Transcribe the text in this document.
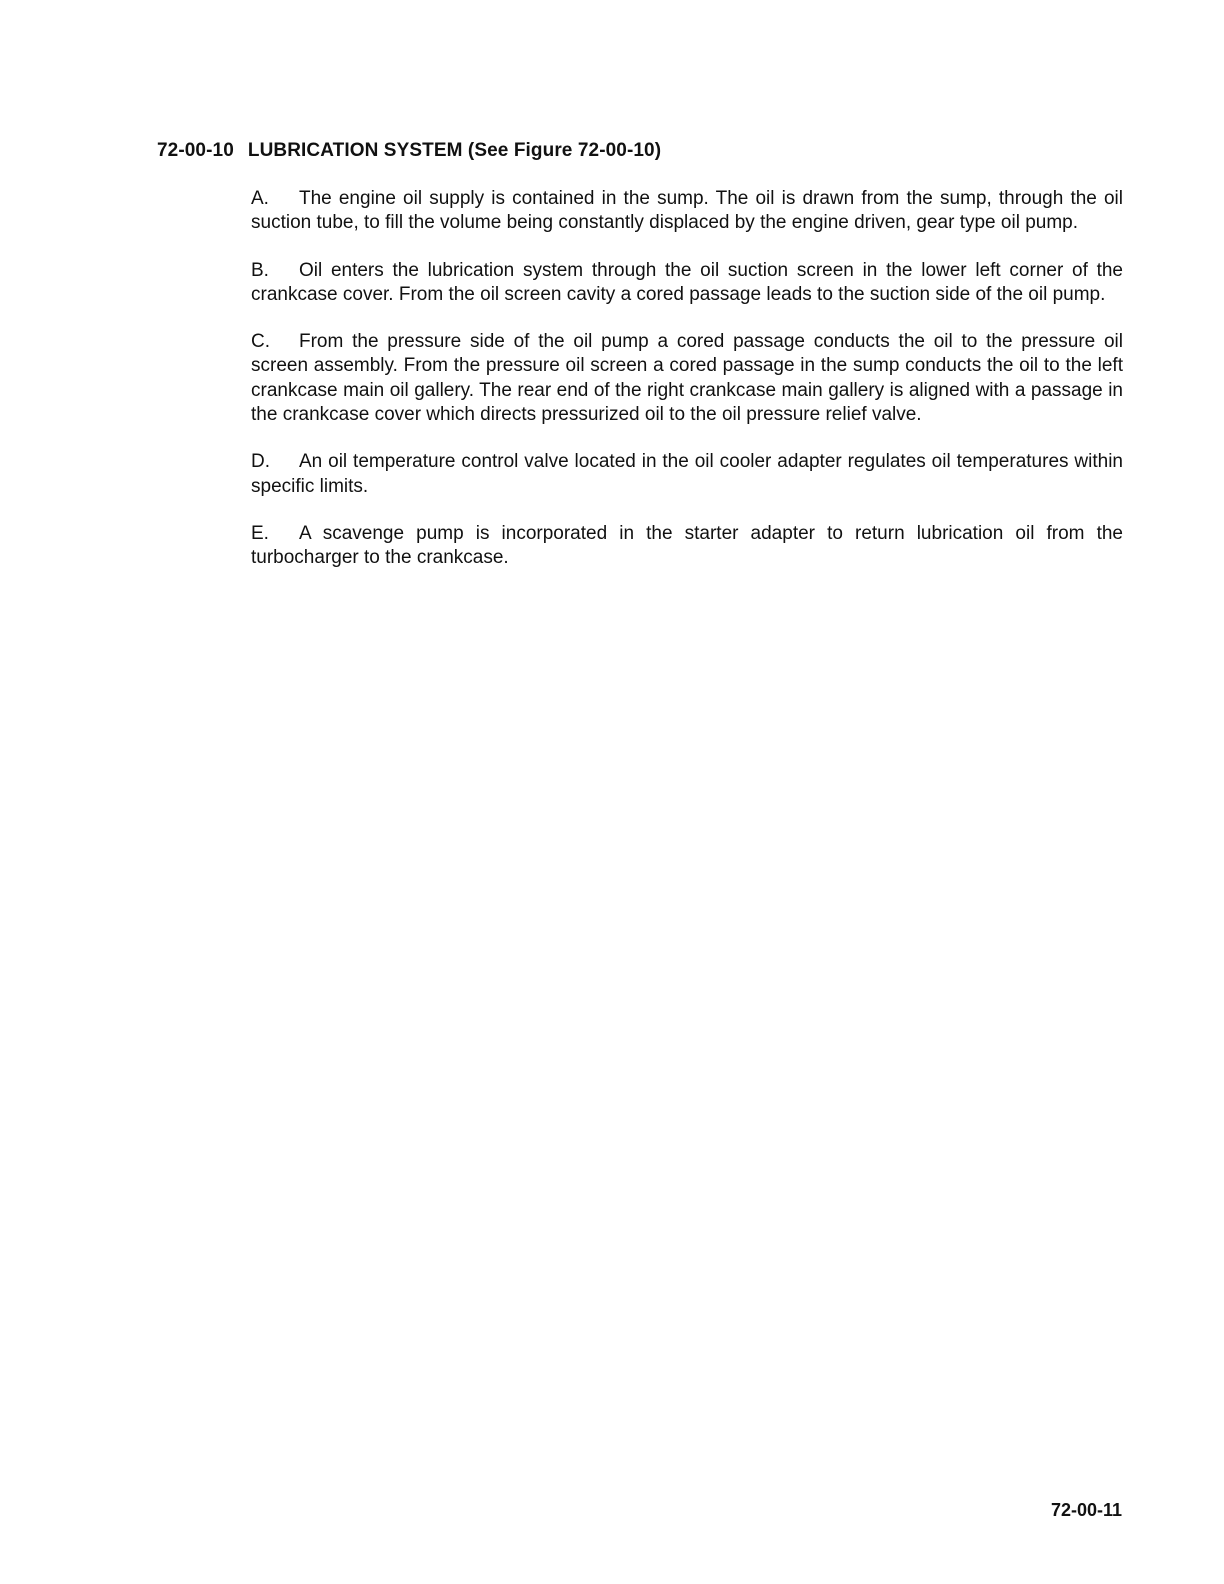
72-00-10 LUBRICATION SYSTEM (See Figure 72-00-10)

A. The engine oil supply is contained in the sump. The oil is drawn from the sump, through the oil suction tube, to fill the volume being constantly displaced by the engine driven, gear type oil pump.

B. Oil enters the lubrication system through the oil suction screen in the lower left corner of the crankcase cover. From the oil screen cavity a cored passage leads to the suction side of the oil pump.

C. From the pressure side of the oil pump a cored passage conducts the oil to the pressure oil screen assembly. From the pressure oil screen a cored passage in the sump conducts the oil to the left crankcase main oil gallery. The rear end of the right crankcase main gallery is aligned with a passage in the crankcase cover which directs pressurized oil to the oil pressure relief valve.

D. An oil temperature control valve located in the oil cooler adapter regulates oil temperatures within specific limits.

E. A scavenge pump is incorporated in the starter adapter to return lubrication oil from the turbocharger to the crankcase.

72-00-11
